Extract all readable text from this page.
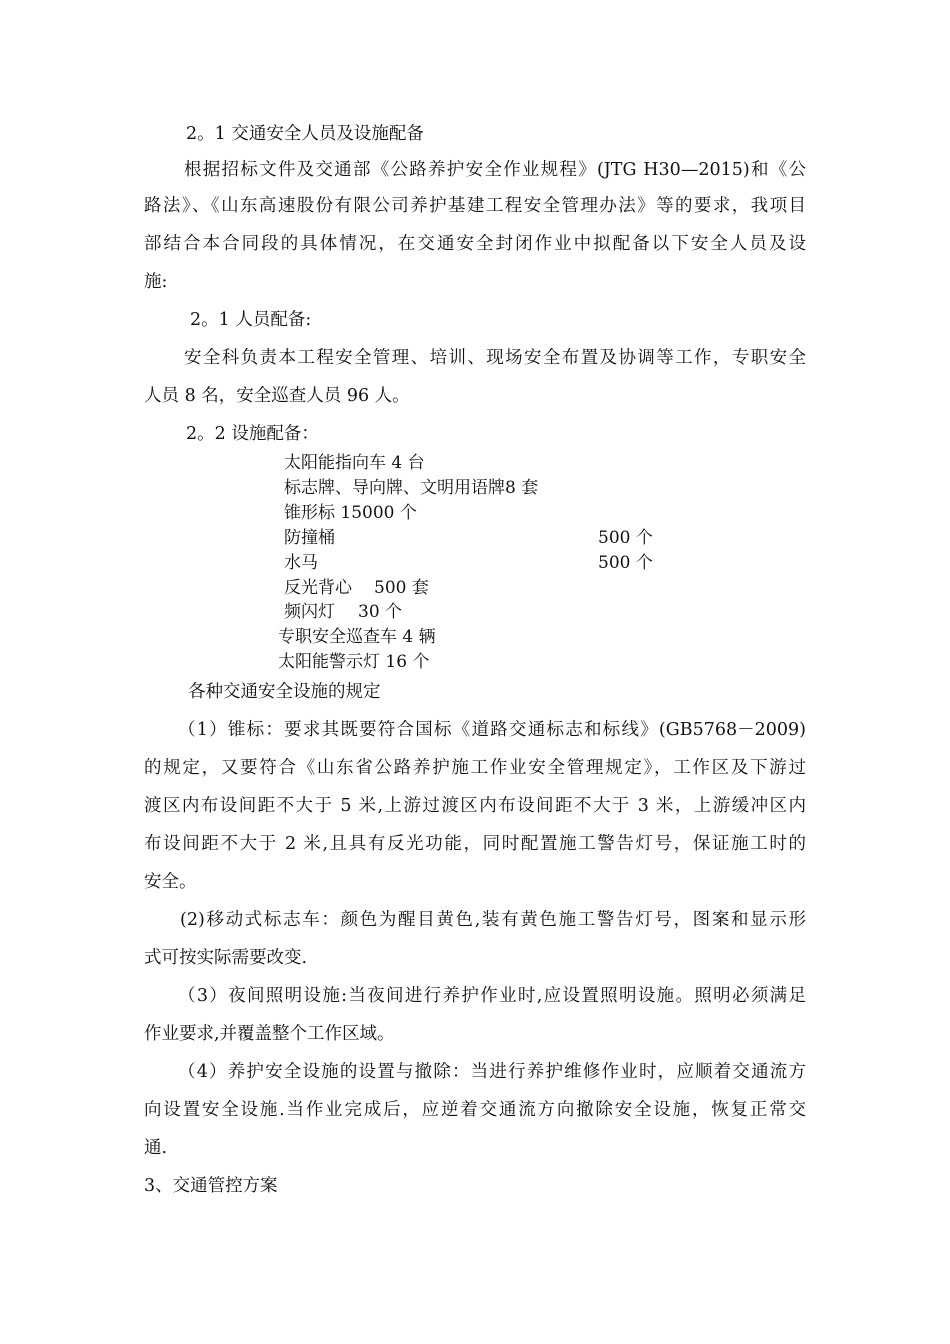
2。1 交通安全人员及设施配备
根据招标文件及交通部《公路养护安全作业规程》(JTG H30—2015)和《公
路法》、《山东高速股份有限公司养护基建工程安全管理办法》等的要求，我项目
部结合本合同段的具体情况，在交通安全封闭作业中拟配备以下安全人员及设
施:
2。1 人员配备:
安全科负责本工程安全管理、培训、现场安全布置及协调等工作，专职安全
人员 8 名，安全巡查人员 96 人。
2。2 设施配备：
太阳能指向车 4 台
标志牌、导向牌、文明用语牌8 套
锥形标 15000 个
防撞桶	500 个
水马	500 个
反光背心 500 套
频闪灯 30 个
专职安全巡查车 4 辆
太阳能警示灯 16 个
各种交通安全设施的规定
（1）锥标：要求其既要符合国标《道路交通标志和标线》(GB5768－2009)
的规定，又要符合《山东省公路养护施工作业安全管理规定》，工作区及下游过
渡区内布设间距不大于 5 米,上游过渡区内布设间距不大于 3 米，上游缓冲区内
布设间距不大于 2 米,且具有反光功能，同时配置施工警告灯号，保证施工时的
安全。
(2)移动式标志车：颜色为醒目黄色,装有黄色施工警告灯号，图案和显示形
式可按实际需要改变.
（3）夜间照明设施:当夜间进行养护作业时,应设置照明设施。照明必须满足
作业要求,并覆盖整个工作区域。
（4）养护安全设施的设置与撤除：当进行养护维修作业时，应顺着交通流方
向设置安全设施.当作业完成后，应逆着交通流方向撤除安全设施，恢复正常交
通.
3、交通管控方案
